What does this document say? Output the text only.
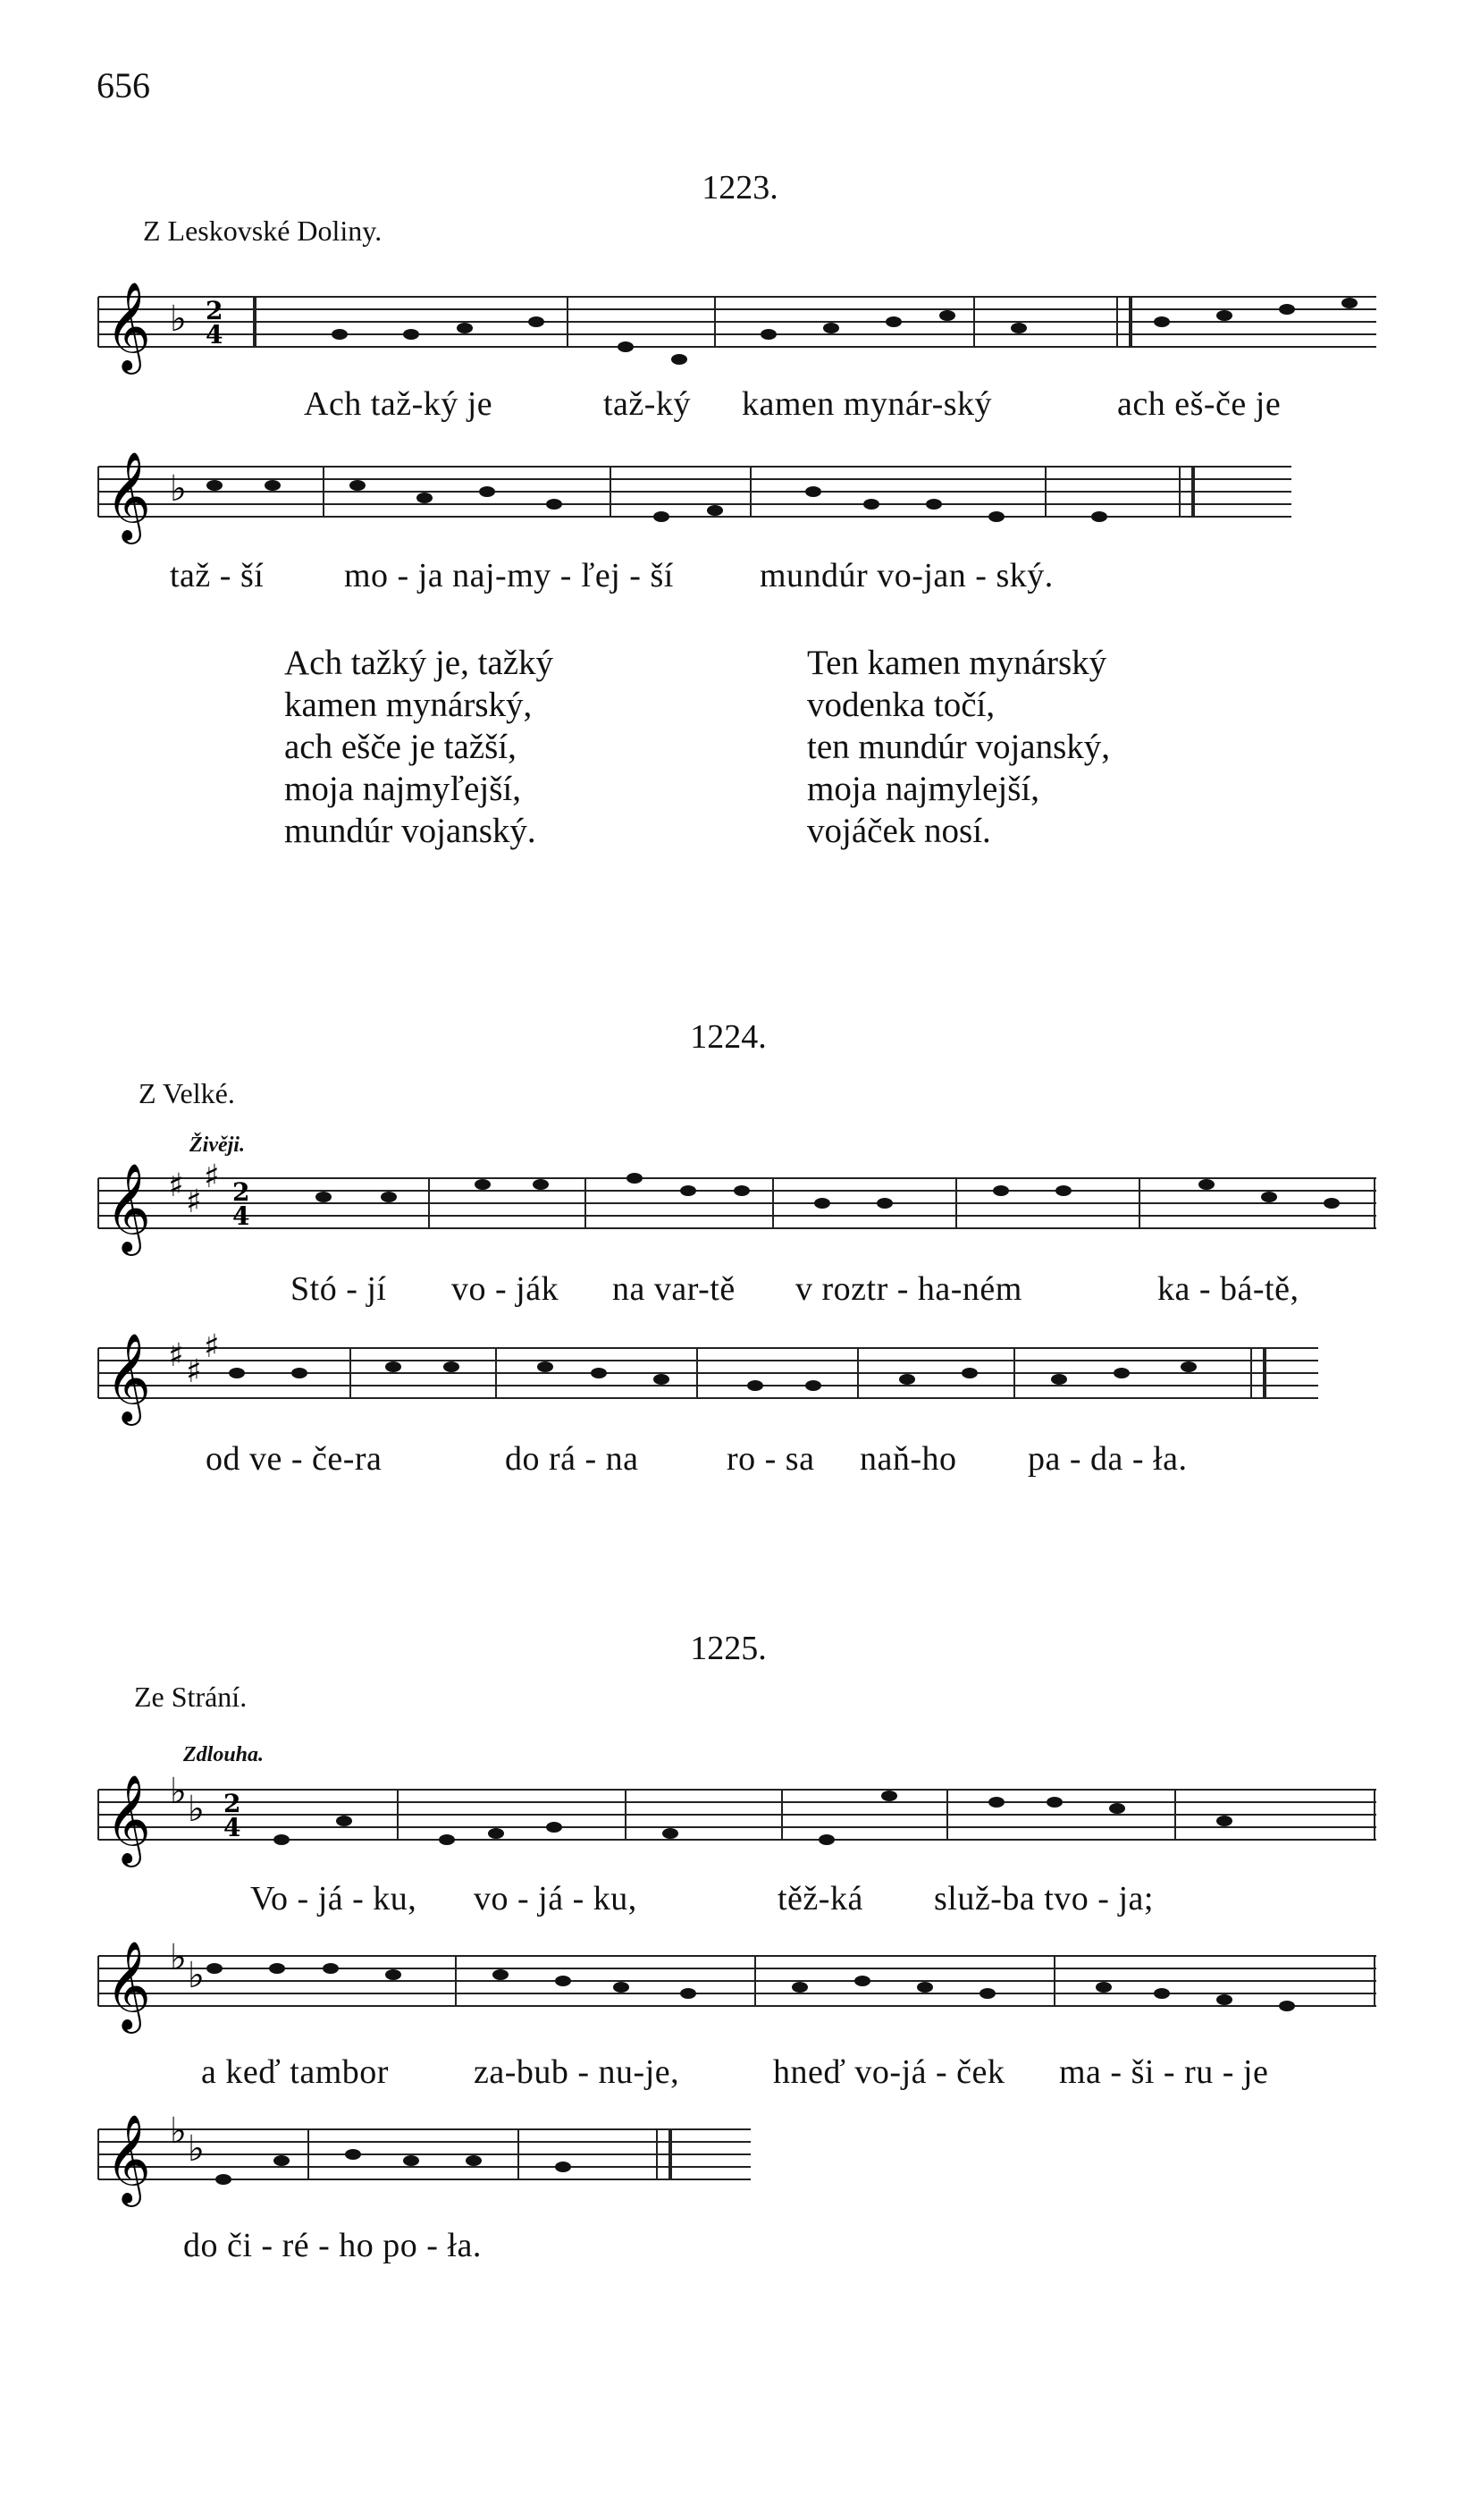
656
1223.
Z Leskovské Doliny.
𝄞 ♭ 2
4
Ach taž-ký je	taž-ký kamen mynár-ský	ach eš-če je
𝄞 ♭
taž - ší mo - ja naj-my - ľej - ší	mundúr vo-jan - ský.
Ach tažký je, tažký
kamen mynárský,
ach ešče je tažší,
moja najmyľejší,
mundúr vojanský.
Ten kamen mynárský
vodenka točí,
ten mundúr vojanský,
moja najmylejší,
vojáček nosí.
1224.
Z Velké.
Živěji.
𝄞 ♯ ♯
♯ 2
4
Stó - jí vo - ják na var-tě v roztr - ha-ném	ka - bá-tě,
𝄞 ♯ ♯
♯
od ve - če-ra	do rá - na	ro - sa naň-ho pa - da - ła.
1225.
Ze Strání.
Zdlouha.
𝄞 ♭ ♭ 2
4
Vo - já - ku, vo - já - ku,	těž-ká služ-ba tvo - ja;
𝄞 ♭ ♭
a keď tambor	za-bub - nu-je,	hneď vo-já - ček ma - ši - ru - je
𝄞 ♭ ♭
do či - ré - ho po - ła.
